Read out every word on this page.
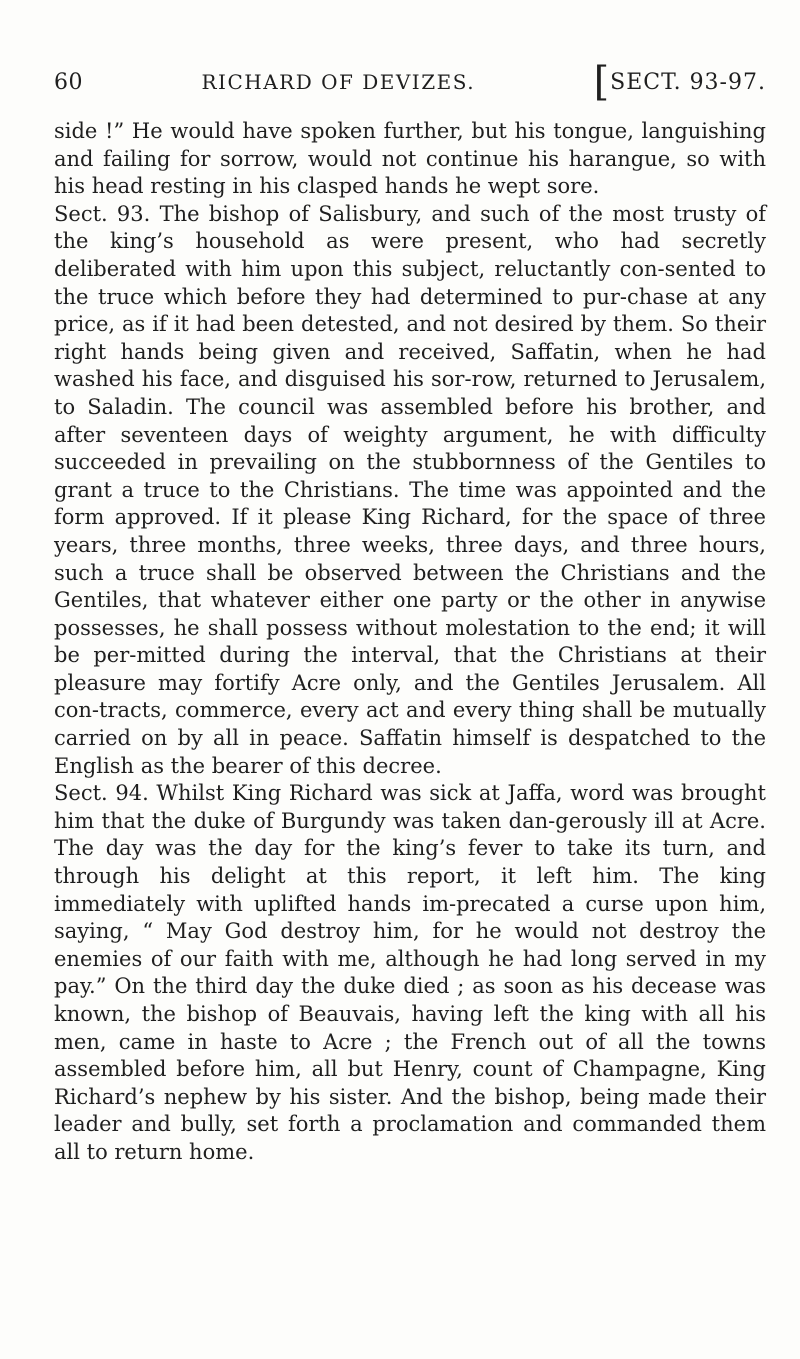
60	RICHARD OF DEVIZES.	[SECT. 93-97.

side !” He would have spoken further, but his tongue, languishing and failing for sorrow, would not continue his harangue, so with his head resting in his clasped hands he wept sore.

Sect. 93. The bishop of Salisbury, and such of the most trusty of the king’s household as were present, who had secretly deliberated with him upon this subject, reluctantly con-sented to the truce which before they had determined to pur-chase at any price, as if it had been detested, and not desired by them. So their right hands being given and received, Saffatin, when he had washed his face, and disguised his sor-row, returned to Jerusalem, to Saladin. The council was assembled before his brother, and after seventeen days of weighty argument, he with difficulty succeeded in prevailing on the stubbornness of the Gentiles to grant a truce to the Christians. The time was appointed and the form approved. If it please King Richard, for the space of three years, three months, three weeks, three days, and three hours, such a truce shall be observed between the Christians and the Gentiles, that whatever either one party or the other in anywise possesses, he shall possess without molestation to the end; it will be per-mitted during the interval, that the Christians at their pleasure may fortify Acre only, and the Gentiles Jerusalem. All con-tracts, commerce, every act and every thing shall be mutually carried on by all in peace. Saffatin himself is despatched to the English as the bearer of this decree.

Sect. 94. Whilst King Richard was sick at Jaffa, word was brought him that the duke of Burgundy was taken dan-gerously ill at Acre. The day was the day for the king’s fever to take its turn, and through his delight at this report, it left him. The king immediately with uplifted hands im-precated a curse upon him, saying, “ May God destroy him, for he would not destroy the enemies of our faith with me, although he had long served in my pay.” On the third day the duke died ; as soon as his decease was known, the bishop of Beauvais, having left the king with all his men, came in haste to Acre ; the French out of all the towns assembled before him, all but Henry, count of Champagne, King Richard’s nephew by his sister. And the bishop, being made their leader and bully, set forth a proclamation and commanded them all to return home.
